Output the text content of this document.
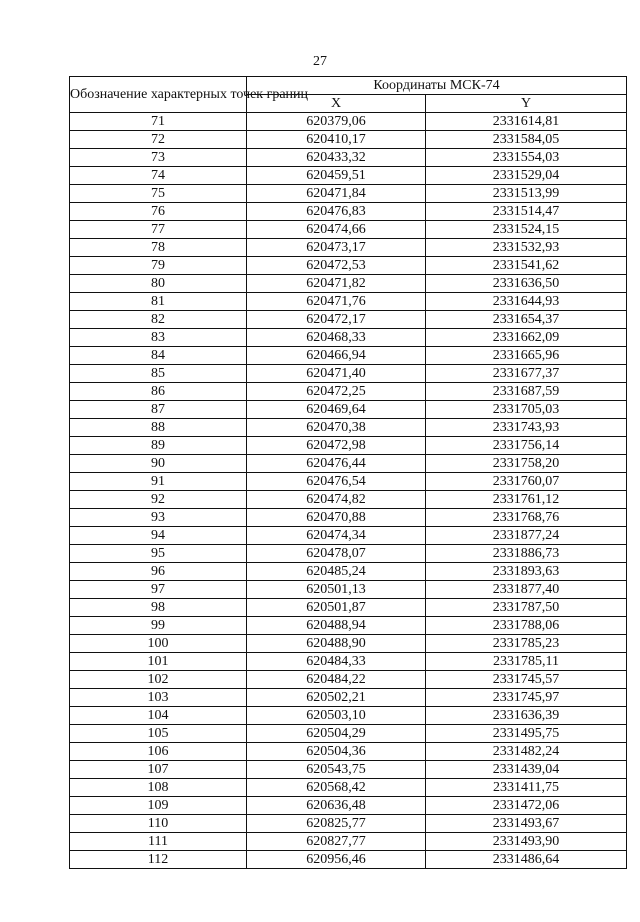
27
Обозначение характерных точек границ	Координаты МСК-74	
	X	Y
71	620379,06	2331614,81
72	620410,17	2331584,05
73	620433,32	2331554,03
74	620459,51	2331529,04
75	620471,84	2331513,99
76	620476,83	2331514,47
77	620474,66	2331524,15
78	620473,17	2331532,93
79	620472,53	2331541,62
80	620471,82	2331636,50
81	620471,76	2331644,93
82	620472,17	2331654,37
83	620468,33	2331662,09
84	620466,94	2331665,96
85	620471,40	2331677,37
86	620472,25	2331687,59
87	620469,64	2331705,03
88	620470,38	2331743,93
89	620472,98	2331756,14
90	620476,44	2331758,20
91	620476,54	2331760,07
92	620474,82	2331761,12
93	620470,88	2331768,76
94	620474,34	2331877,24
95	620478,07	2331886,73
96	620485,24	2331893,63
97	620501,13	2331877,40
98	620501,87	2331787,50
99	620488,94	2331788,06
100	620488,90	2331785,23
101	620484,33	2331785,11
102	620484,22	2331745,57
103	620502,21	2331745,97
104	620503,10	2331636,39
105	620504,29	2331495,75
106	620504,36	2331482,24
107	620543,75	2331439,04
108	620568,42	2331411,75
109	620636,48	2331472,06
110	620825,77	2331493,67
111	620827,77	2331493,90
112	620956,46	2331486,64
